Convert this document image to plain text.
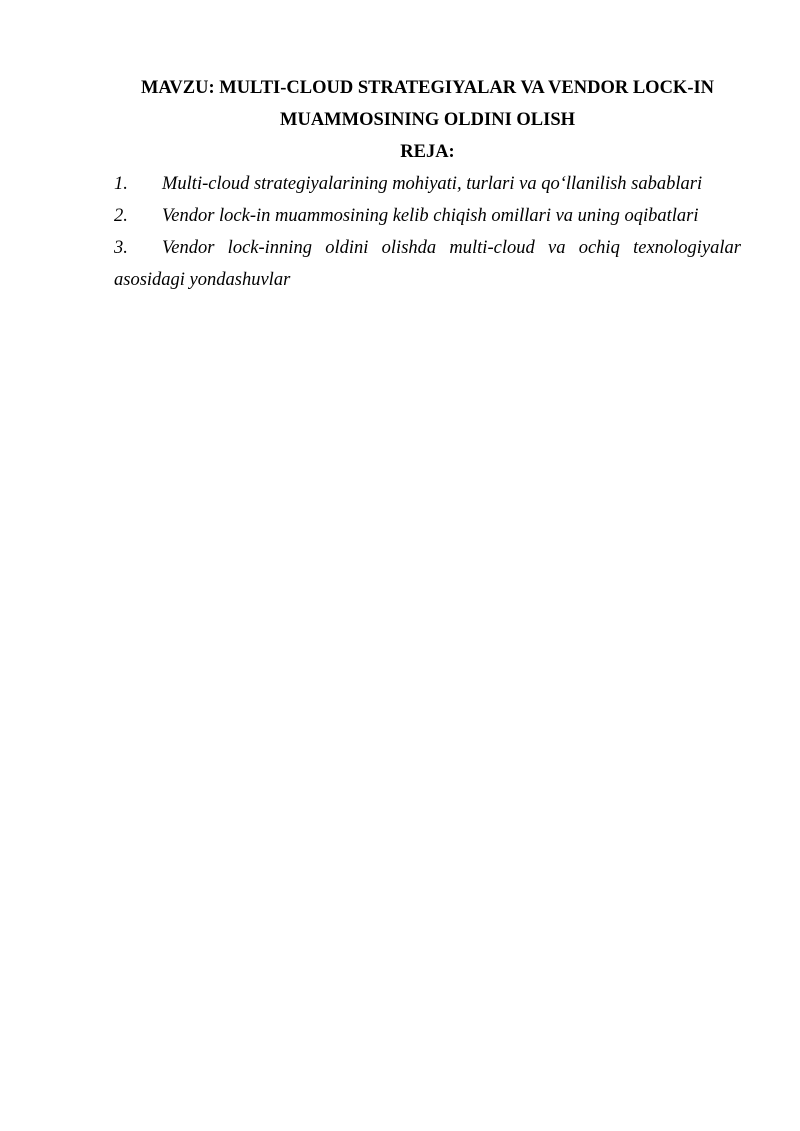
MAVZU: MULTI-CLOUD STRATEGIYALAR VA VENDOR LOCK-IN MUAMMOSINING OLDINI OLISH
REJA:
1. Multi-cloud strategiyalarining mohiyati, turlari va qo‘llanilish sabablari
2. Vendor lock-in muammosining kelib chiqish omillari va uning oqibatlari
3. Vendor lock-inning oldini olishda multi-cloud va ochiq texnologiyalar asosidagi yondashuvlar
